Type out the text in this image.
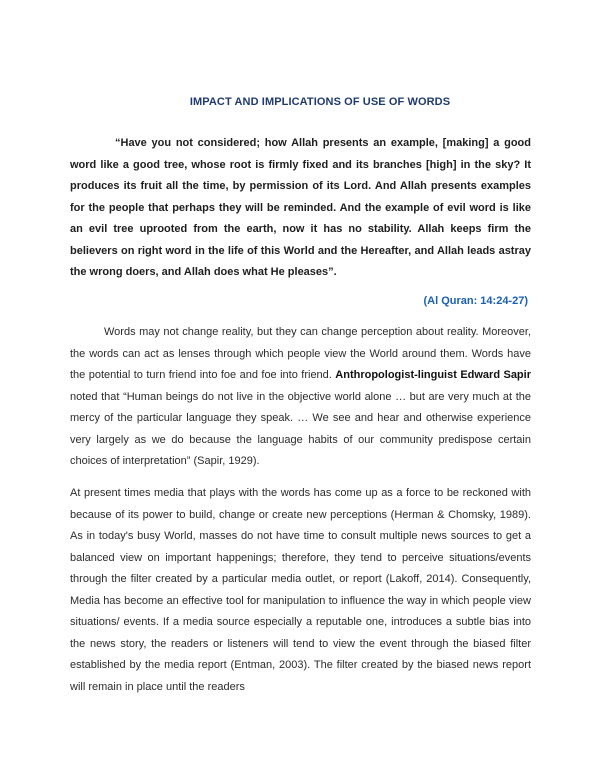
IMPACT AND IMPLICATIONS OF USE OF WORDS

“Have you not considered; how Allah presents an example, [making] a good word like a good tree, whose root is firmly fixed and its branches [high] in the sky? It produces its fruit all the time, by permission of its Lord. And Allah presents examples for the people that perhaps they will be reminded. And the example of evil word is like an evil tree uprooted from the earth, now it has no stability. Allah keeps firm the believers on right word in the life of this World and the Hereafter, and Allah leads astray the wrong doers, and Allah does what He pleases”.

(Al Quran: 14:24-27)

Words may not change reality, but they can change perception about reality. Moreover, the words can act as lenses through which people view the World around them. Words have the potential to turn friend into foe and foe into friend. Anthropologist-linguist Edward Sapir noted that “Human beings do not live in the objective world alone … but are very much at the mercy of the particular language they speak. … We see and hear and otherwise experience very largely as we do because the language habits of our community predispose certain choices of interpretation” (Sapir, 1929).

At present times media that plays with the words has come up as a force to be reckoned with because of its power to build, change or create new perceptions (Herman & Chomsky, 1989). As in today's busy World, masses do not have time to consult multiple news sources to get a balanced view on important happenings; therefore, they tend to perceive situations/events through the filter created by a particular media outlet, or report (Lakoff, 2014). Consequently, Media has become an effective tool for manipulation to influence the way in which people view situations/ events. If a media source especially a reputable one, introduces a subtle bias into the news story, the readers or listeners will tend to view the event through the biased filter established by the media report (Entman, 2003). The filter created by the biased news report will remain in place until the readers
